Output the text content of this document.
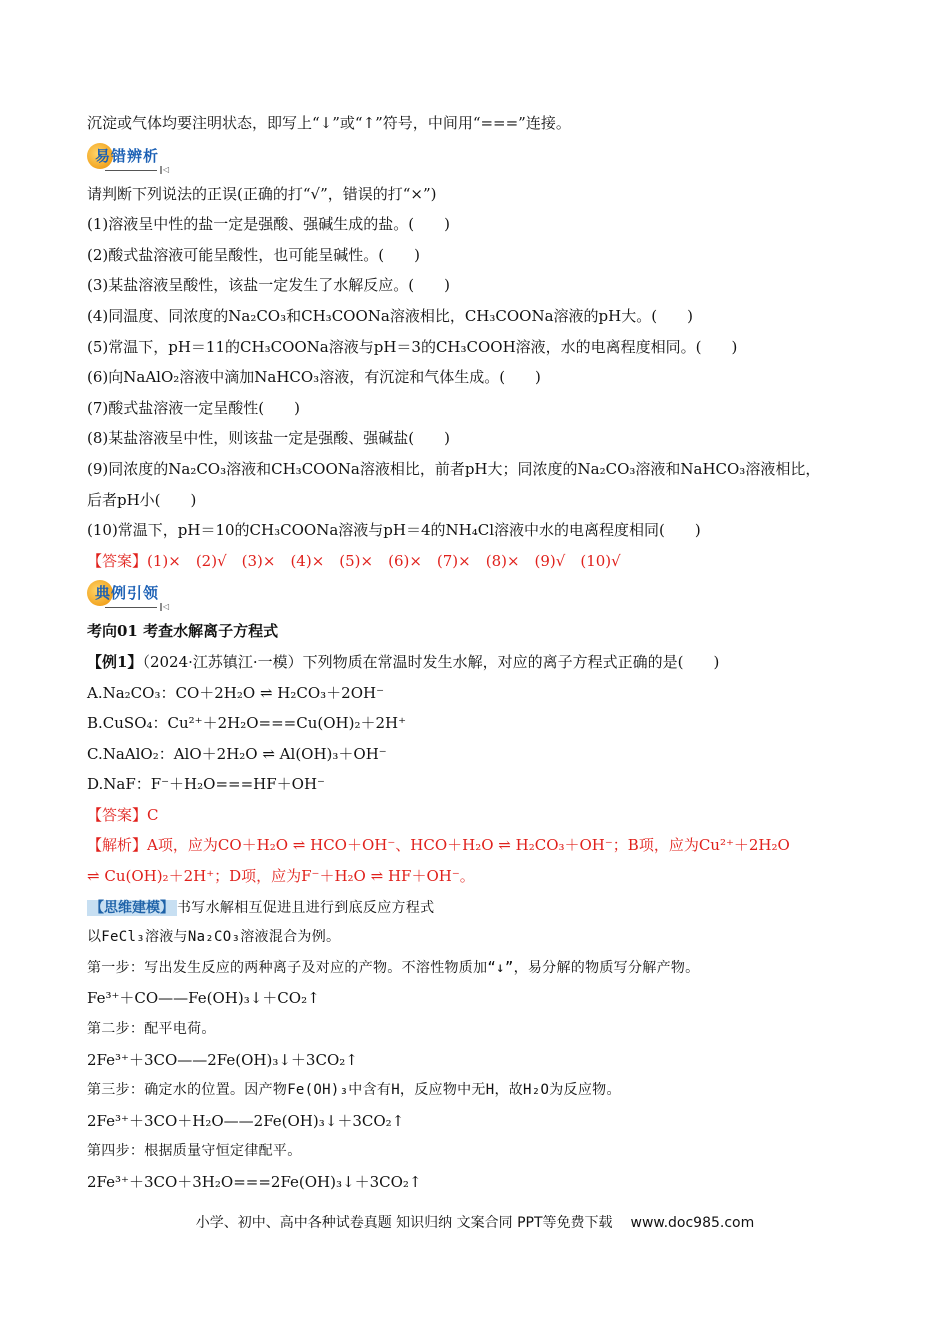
沉淀或气体均要注明状态，即写上“↓”或“↑”符号，中间用“===”连接。
易错辨析
‖◁
请判断下列说法的正误(正确的打“√”，错误的打“×”)
(1)溶液呈中性的盐一定是强酸、强碱生成的盐。(　　)
(2)酸式盐溶液可能呈酸性，也可能呈碱性。(　　)
(3)某盐溶液呈酸性，该盐一定发生了水解反应。(　　)
(4)同温度、同浓度的Na₂CO₃和CH₃COONa溶液相比，CH₃COONa溶液的pH大。(　　)
(5)常温下，pH＝11的CH₃COONa溶液与pH＝3的CH₃COOH溶液，水的电离程度相同。(　　)
(6)向NaAlO₂溶液中滴加NaHCO₃溶液，有沉淀和气体生成。(　　)
(7)酸式盐溶液一定呈酸性(　　)
(8)某盐溶液呈中性，则该盐一定是强酸、强碱盐(　　)
(9)同浓度的Na₂CO₃溶液和CH₃COONa溶液相比，前者pH大；同浓度的Na₂CO₃溶液和NaHCO₃溶液相比，
后者pH小(　　)
(10)常温下，pH＝10的CH₃COONa溶液与pH＝4的NH₄Cl溶液中水的电离程度相同(　　)
【答案】(1)×　(2)√　(3)×　(4)×　(5)×　(6)×　(7)×　(8)×　(9)√　(10)√
典例引领
‖◁
考向01 考查水解离子方程式
【例1】（2024·江苏镇江·一模）下列物质在常温时发生水解，对应的离子方程式正确的是(　　)
A.Na₂CO₃：CO＋2H₂O ⇌ H₂CO₃＋2OH⁻
B.CuSO₄：Cu²⁺＋2H₂O===Cu(OH)₂＋2H⁺
C.NaAlO₂：AlO＋2H₂O ⇌ Al(OH)₃＋OH⁻
D.NaF：F⁻＋H₂O===HF＋OH⁻
【答案】C
【解析】A项，应为CO＋H₂O ⇌ HCO＋OH⁻、HCO＋H₂O ⇌ H₂CO₃＋OH⁻；B项，应为Cu²⁺＋2H₂O
⇌ Cu(OH)₂＋2H⁺；D项，应为F⁻＋H₂O ⇌ HF＋OH⁻。
【思维建模】 书写水解相互促进且进行到底反应方程式
以FeCl₃溶液与Na₂CO₃溶液混合为例。
第一步：写出发生反应的两种离子及对应的产物。不溶性物质加“↓”，易分解的物质写分解产物。
Fe³⁺＋CO——Fe(OH)₃↓＋CO₂↑
第二步：配平电荷。
2Fe³⁺＋3CO——2Fe(OH)₃↓＋3CO₂↑
第三步：确定水的位置。因产物Fe(OH)₃中含有H，反应物中无H，故H₂O为反应物。
2Fe³⁺＋3CO＋H₂O——2Fe(OH)₃↓＋3CO₂↑
第四步：根据质量守恒定律配平。
2Fe³⁺＋3CO＋3H₂O===2Fe(OH)₃↓＋3CO₂↑
小学、初中、高中各种试卷真题 知识归纳 文案合同 PPT等免费下载 www.doc985.com
